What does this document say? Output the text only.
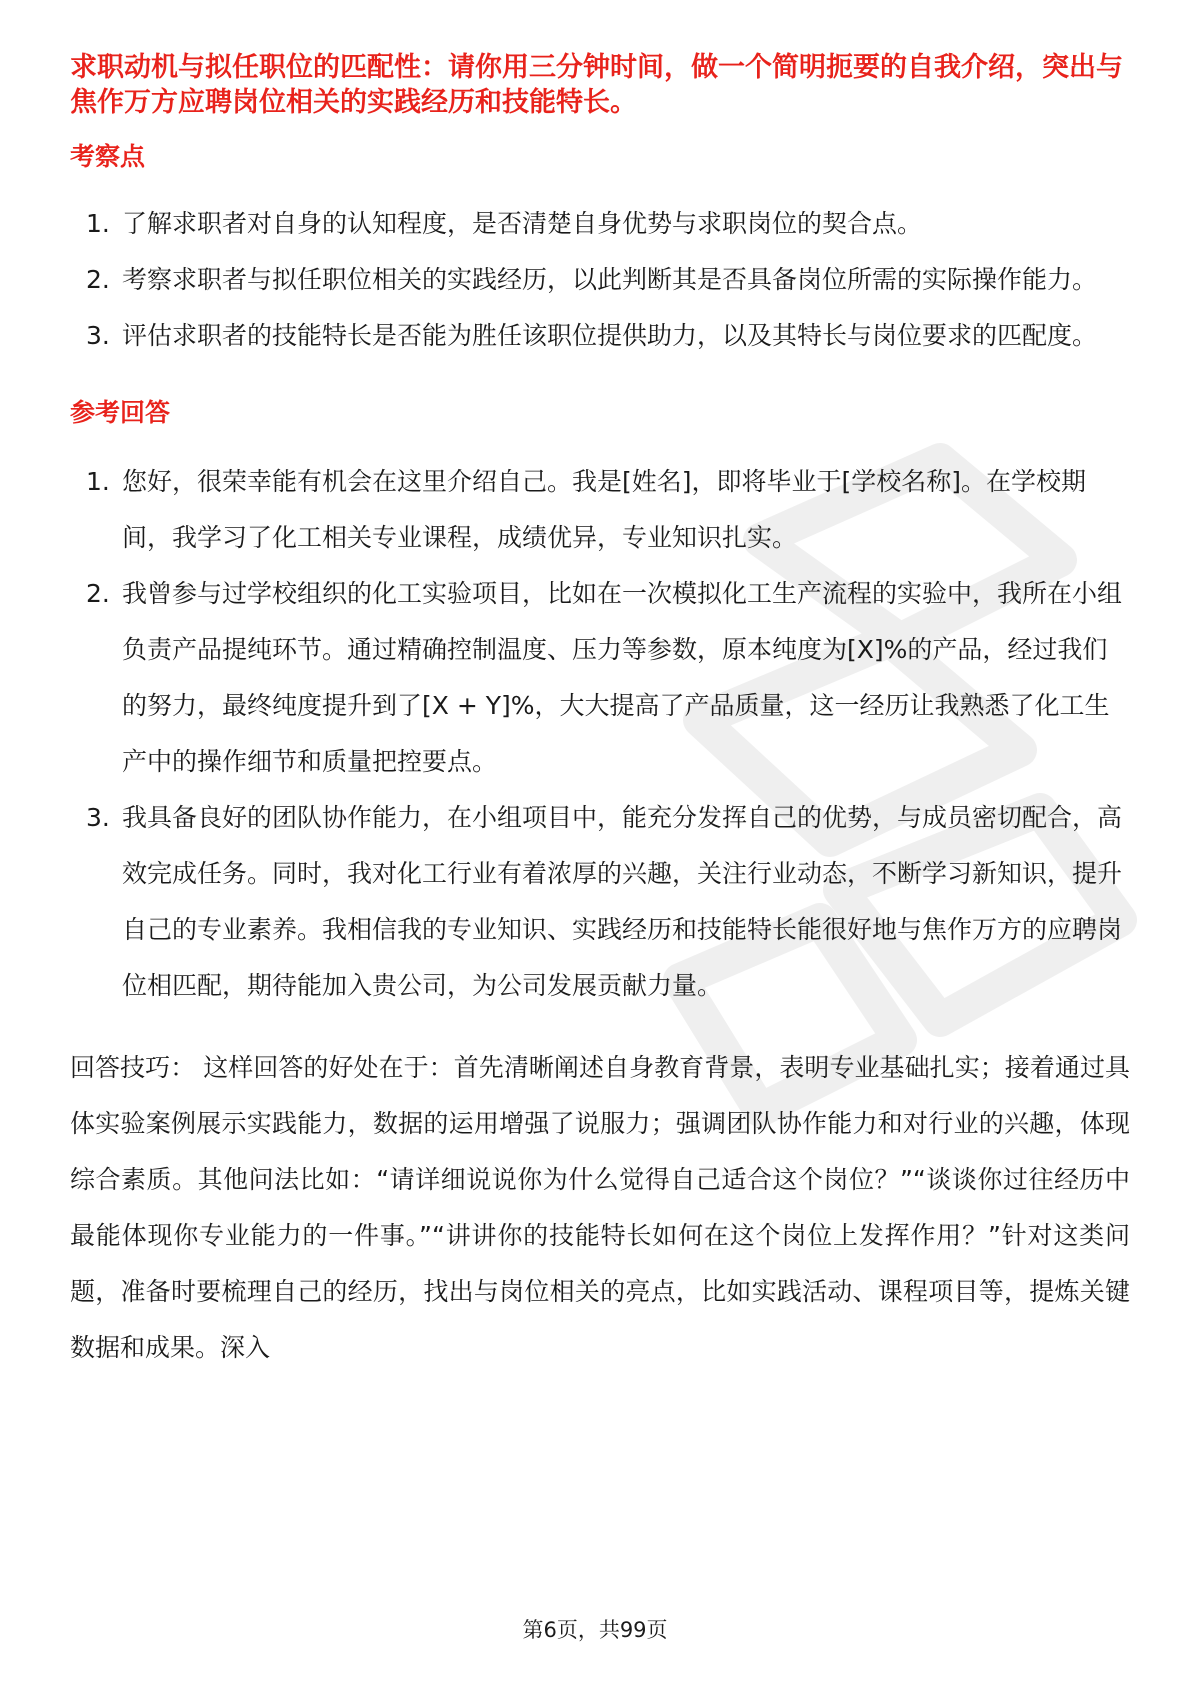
求职动机与拟任职位的匹配性：请你用三分钟时间，做一个简明扼要的自我介绍，突出与焦作万方应聘岗位相关的实践经历和技能特长。

考察点
1. 了解求职者对自身的认知程度，是否清楚自身优势与求职岗位的契合点。
2. 考察求职者与拟任职位相关的实践经历，以此判断其是否具备岗位所需的实际操作能力。
3. 评估求职者的技能特长是否能为胜任该职位提供助力，以及其特长与岗位要求的匹配度。
参考回答
1. 您好，很荣幸能有机会在这里介绍自己。我是[姓名]，即将毕业于[学校名称]。在学校期间，我学习了化工相关专业课程，成绩优异，专业知识扎实。
2. 我曾参与过学校组织的化工实验项目，比如在一次模拟化工生产流程的实验中，我所在小组负责产品提纯环节。通过精确控制温度、压力等参数，原本纯度为[X]%的产品，经过我们的努力，最终纯度提升到了[X + Y]%，大大提高了产品质量，这一经历让我熟悉了化工生产中的操作细节和质量把控要点。
3. 我具备良好的团队协作能力，在小组项目中，能充分发挥自己的优势，与成员密切配合，高效完成任务。同时，我对化工行业有着浓厚的兴趣，关注行业动态，不断学习新知识，提升自己的专业素养。我相信我的专业知识、实践经历和技能特长能很好地与焦作万方的应聘岗位相匹配，期待能加入贵公司，为公司发展贡献力量。

回答技巧： 这样回答的好处在于：首先清晰阐述自身教育背景，表明专业基础扎实；接着通过具体实验案例展示实践能力，数据的运用增强了说服力；强调团队协作能力和对行业的兴趣，体现综合素质。其他问法比如：“请详细说说你为什么觉得自己适合这个岗位？”“谈谈你过往经历中最能体现你专业能力的一件事。”“讲讲你的技能特长如何在这个岗位上发挥作用？”针对这类问题，准备时要梳理自己的经历，找出与岗位相关的亮点，比如实践活动、课程项目等，提炼关键数据和成果。深入

第6页，共99页
